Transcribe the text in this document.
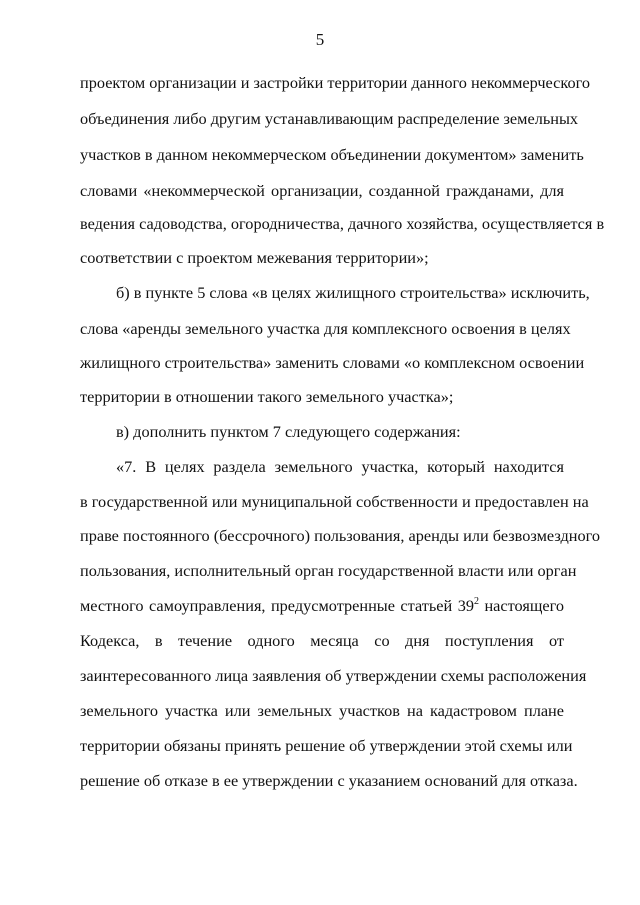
5
проектом организации и застройки территории данного некоммерческого
объединения либо другим устанавливающим распределение земельных
участков в данном некоммерческом объединении документом» заменить
словами «некоммерческой организации, созданной гражданами, для
ведения садоводства, огородничества, дачного хозяйства, осуществляется в
соответствии с проектом межевания территории»;
б) в пункте 5 слова «в целях жилищного строительства» исключить,
слова «аренды земельного участка для комплексного освоения в целях
жилищного строительства» заменить словами «о комплексном освоении
территории в отношении такого земельного участка»;
в) дополнить пунктом 7 следующего содержания:
«7. В целях раздела земельного участка, который находится
в государственной или муниципальной собственности и предоставлен на
праве постоянного (бессрочного) пользования, аренды или безвозмездного
пользования, исполнительный орган государственной власти или орган
местного самоуправления, предусмотренные статьей $39^2$ настоящего
Кодекса, в течение одного месяца со дня поступления от
заинтересованного лица заявления об утверждении схемы расположения
земельного участка или земельных участков на кадастровом плане
территории обязаны принять решение об утверждении этой схемы или
решение об отказе в ее утверждении с указанием оснований для отказа.
